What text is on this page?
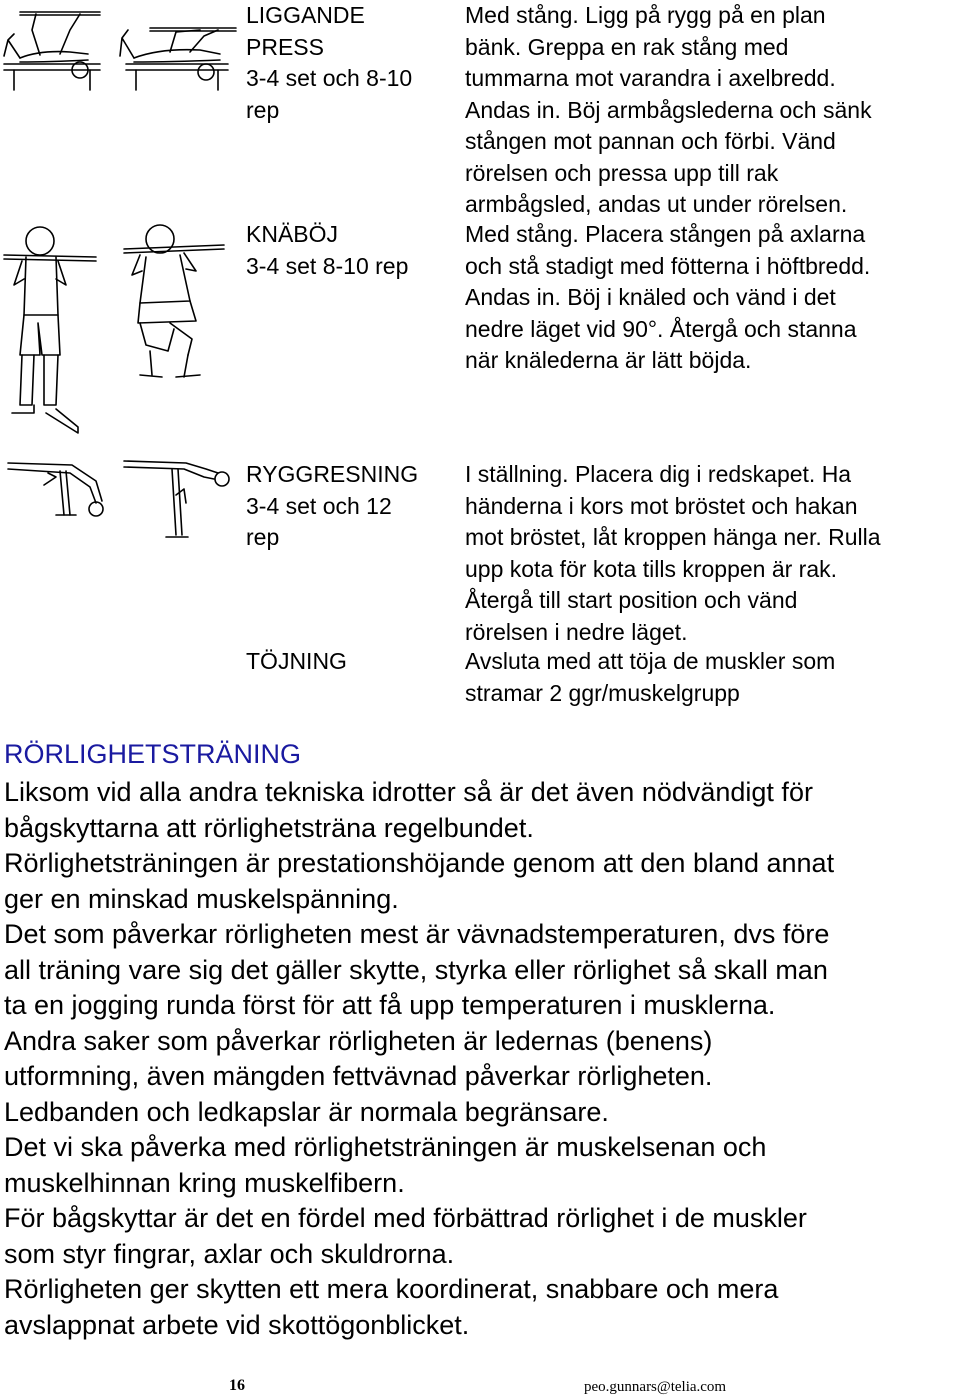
LIGGANDE
PRESS
3-4 set och 8-10
rep
Med stång. Ligg på rygg på en plan
bänk. Greppa en rak stång med
tummarna mot varandra i axelbredd.
Andas in. Böj armbågslederna och sänk
stången mot pannan och förbi. Vänd
rörelsen och pressa upp till rak
armbågsled, andas ut under rörelsen.
KNÄBÖJ
3-4 set 8-10 rep
Med stång. Placera stången på axlarna
och stå stadigt med fötterna i höftbredd.
Andas in. Böj i knäled och vänd i det
nedre läget vid 90°. Återgå och stanna
när knälederna är lätt böjda.
RYGGRESNING
3-4 set och 12
rep
I ställning. Placera dig i redskapet. Ha
händerna i kors mot bröstet och hakan
mot bröstet, låt kroppen hänga ner. Rulla
upp kota för kota tills kroppen är rak.
Återgå till start position och vänd
rörelsen i nedre läget.
TÖJNING	Avsluta med att töja de muskler som
stramar 2 ggr/muskelgrupp
RÖRLIGHETSTRÄNING

Liksom vid alla andra tekniska idrotter så är det även nödvändigt för
bågskyttarna att rörlighetsträna regelbundet.

Rörlighetsträningen är prestationshöjande genom att den bland annat
ger en minskad muskelspänning.

Det som påverkar rörligheten mest är vävnadstemperaturen, dvs före
all träning vare sig det gäller skytte, styrka eller rörlighet så skall man
ta en jogging runda först för att få upp temperaturen i musklerna.

Andra saker som påverkar rörligheten är ledernas (benens)
utformning, även mängden fettvävnad påverkar rörligheten.

Ledbanden och ledkapslar är normala begränsare.

Det vi ska påverka med rörlighetsträningen är muskelsenan och
muskelhinnan kring muskelfibern.

För bågskyttar är det en fördel med förbättrad rörlighet i de muskler
som styr fingrar, axlar och skuldrorna.

Rörligheten ger skytten ett mera koordinerat, snabbare och mera
avslappnat arbete vid skottögonblicket.

16	peo.gunnars@telia.com
